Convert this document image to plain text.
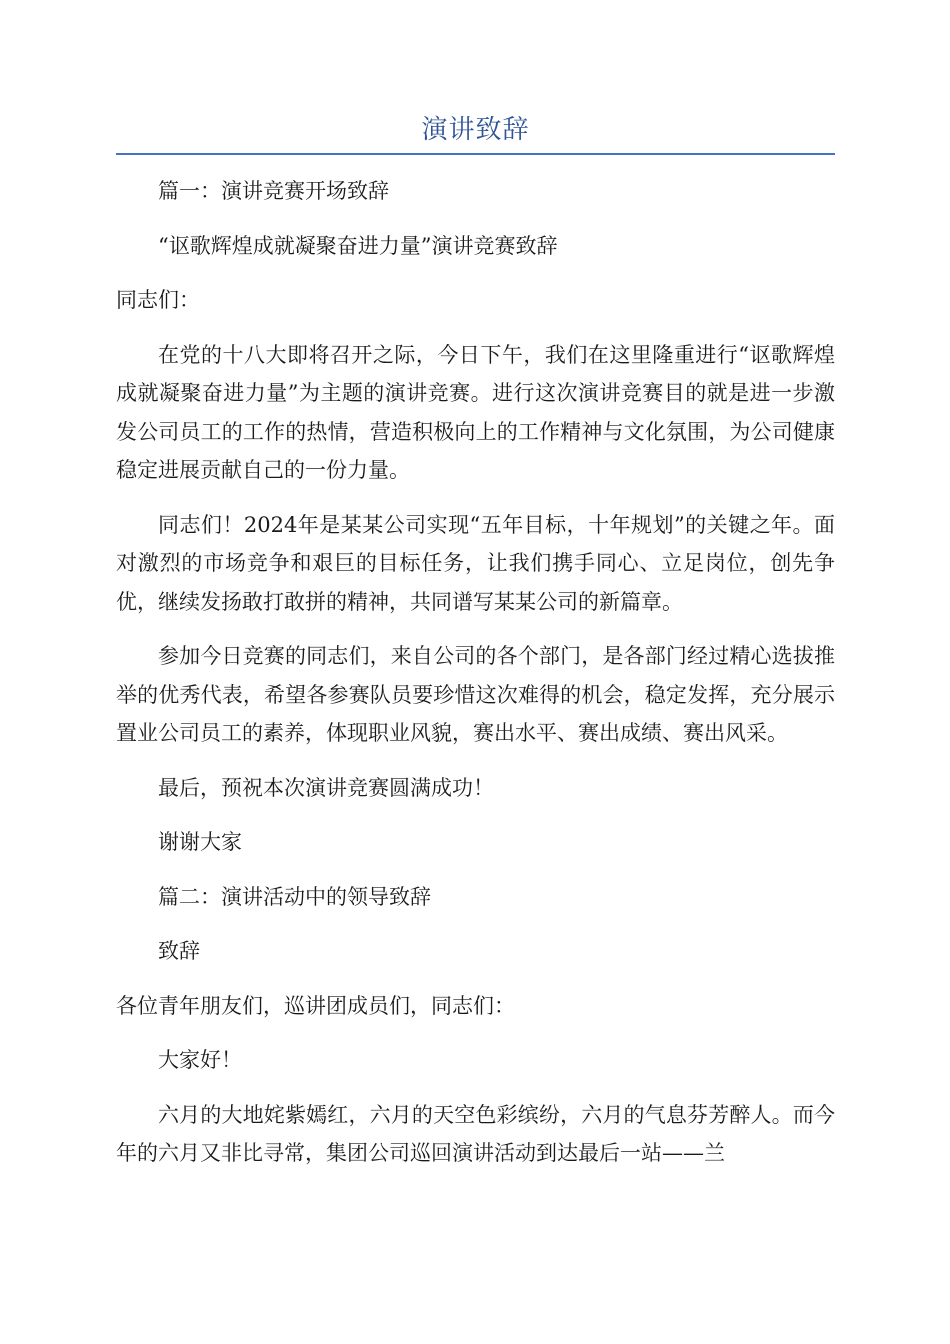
演讲致辞

篇一：演讲竞赛开场致辞

“讴歌辉煌成就凝聚奋进力量”演讲竞赛致辞

同志们：

在党的十八大即将召开之际，今日下午，我们在这里隆重进行“讴歌辉煌成就凝聚奋进力量”为主题的演讲竞赛。进行这次演讲竞赛目的就是进一步激发公司员工的工作的热情，营造积极向上的工作精神与文化氛围，为公司健康稳定进展贡献自己的一份力量。

同志们！2024年是某某公司实现“五年目标，十年规划”的关键之年。面对激烈的市场竞争和艰巨的目标任务，让我们携手同心、立足岗位，创先争优，继续发扬敢打敢拼的精神，共同谱写某某公司的新篇章。

参加今日竞赛的同志们，来自公司的各个部门，是各部门经过精心选拔推举的优秀代表，希望各参赛队员要珍惜这次难得的机会，稳定发挥，充分展示置业公司员工的素养，体现职业风貌，赛出水平、赛出成绩、赛出风采。

最后，预祝本次演讲竞赛圆满成功！

谢谢大家

篇二：演讲活动中的领导致辞

致辞

各位青年朋友们，巡讲团成员们，同志们：

大家好！

六月的大地姹紫嫣红，六月的天空色彩缤纷，六月的气息芬芳醉人。而今年的六月又非比寻常，集团公司巡回演讲活动到达最后一站——兰
